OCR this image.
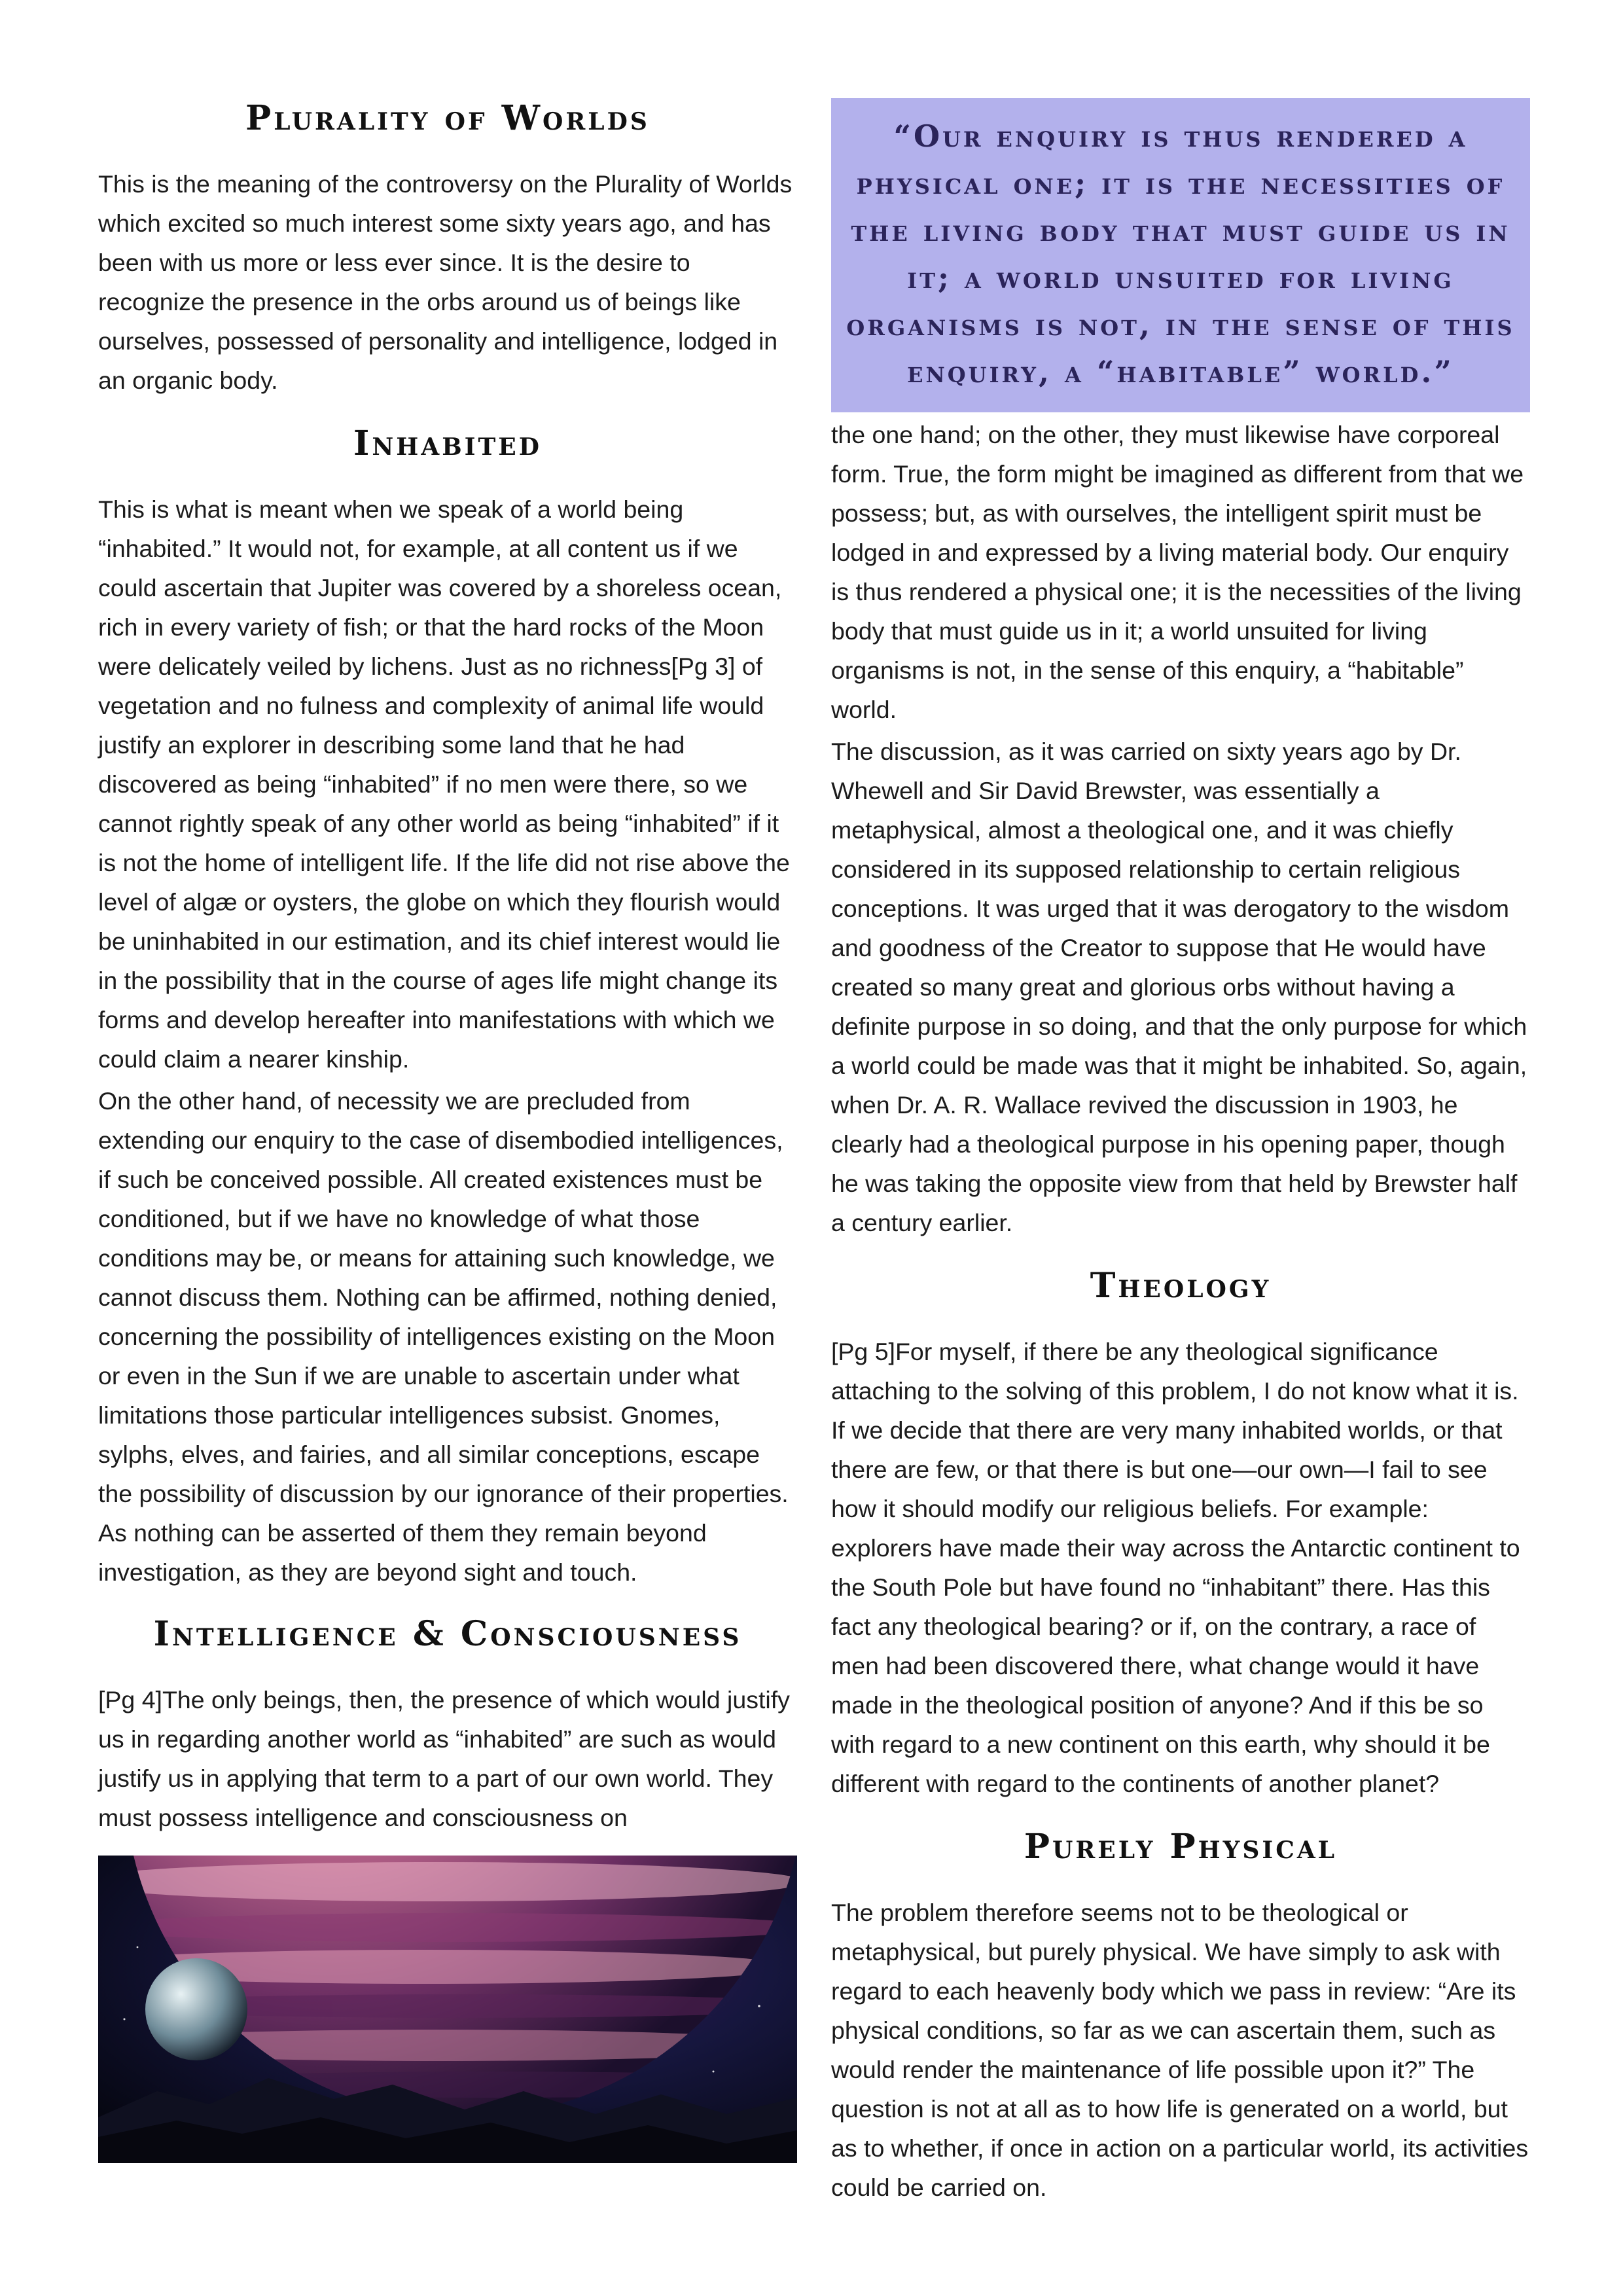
Plurality of Worlds

This is the meaning of the controversy on the Plurality of Worlds which excited so much interest some sixty years ago, and has been with us more or less ever since. It is the desire to recognize the presence in the orbs around us of beings like ourselves, possessed of personality and intelligence, lodged in an organic body.

Inhabited

This is what is meant when we speak of a world being “inhabited.” It would not, for example, at all content us if we could ascertain that Jupiter was covered by a shoreless ocean, rich in every variety of fish; or that the hard rocks of the Moon were delicately veiled by lichens. Just as no richness[Pg 3] of vegetation and no fulness and complexity of animal life would justify an explorer in describing some land that he had discovered as being “inhabited” if no men were there, so we cannot rightly speak of any other world as being “inhabited” if it is not the home of intelligent life. If the life did not rise above the level of algæ or oysters, the globe on which they flourish would be uninhabited in our estimation, and its chief interest would lie in the possibility that in the course of ages life might change its forms and develop hereafter into manifestations with which we could claim a nearer kinship.

On the other hand, of necessity we are precluded from extending our enquiry to the case of disembodied intelligences, if such be conceived possible. All created existences must be conditioned, but if we have no knowledge of what those conditions may be, or means for attaining such knowledge, we cannot discuss them. Nothing can be affirmed, nothing denied, concerning the possibility of intelligences existing on the Moon or even in the Sun if we are unable to ascertain under what limitations those particular intelligences subsist. Gnomes, sylphs, elves, and fairies, and all similar conceptions, escape the possibility of discussion by our ignorance of their properties. As nothing can be asserted of them they remain beyond investigation, as they are beyond sight and touch.

Intelligence & Consciousness

[Pg 4]The only beings, then, the presence of which would justify us in regarding another world as “inhabited” are such as would justify us in applying that term to a part of our own world. They must possess intelligence and consciousness on

“Our enquiry is thus rendered a physical one; it is the necessities of the living body that must guide us in it; a world unsuited for living organisms is not, in the sense of this enquiry, a “habitable” world.”

the one hand; on the other, they must likewise have corporeal form. True, the form might be imagined as different from that we possess; but, as with ourselves, the intelligent spirit must be lodged in and expressed by a living material body. Our enquiry is thus rendered a physical one; it is the necessities of the living body that must guide us in it; a world unsuited for living organisms is not, in the sense of this enquiry, a “habitable” world.

The discussion, as it was carried on sixty years ago by Dr. Whewell and Sir David Brewster, was essentially a metaphysical, almost a theological one, and it was chiefly considered in its supposed relationship to certain religious conceptions. It was urged that it was derogatory to the wisdom and goodness of the Creator to suppose that He would have created so many great and glorious orbs without having a definite purpose in so doing, and that the only purpose for which a world could be made was that it might be inhabited. So, again, when Dr. A. R. Wallace revived the discussion in 1903, he clearly had a theological purpose in his opening paper, though he was taking the opposite view from that held by Brewster half a century earlier.

Theology

[Pg 5]For myself, if there be any theological significance attaching to the solving of this problem, I do not know what it is. If we decide that there are very many inhabited worlds, or that there are few, or that there is but one—our own—I fail to see how it should modify our religious beliefs. For example: explorers have made their way across the Antarctic continent to the South Pole but have found no “inhabitant” there. Has this fact any theological bearing? or if, on the contrary, a race of men had been discovered there, what change would it have made in the theological position of anyone? And if this be so with regard to a new continent on this earth, why should it be different with regard to the continents of another planet?

Purely Physical

The problem therefore seems not to be theological or metaphysical, but purely physical. We have simply to ask with regard to each heavenly body which we pass in review: “Are its physical conditions, so far as we can ascertain them, such as would render the maintenance of life possible upon it?” The question is not at all as to how life is generated on a world, but as to whether, if once in action on a particular world, its activities could be carried on.
